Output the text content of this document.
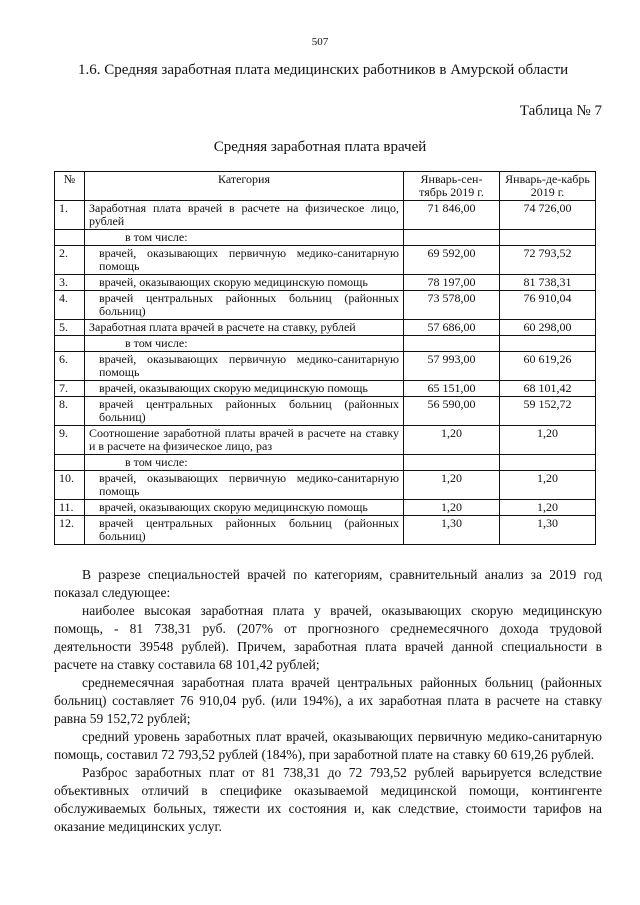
507
1.6. Средняя заработная плата медицинских работников в Амурской области
Таблица № 7
Средняя заработная плата врачей
№	Категория	Январь-сен-тябрь 2019 г.	Январь-де-кабрь 2019 г.
1.	Заработная плата врачей в расчете на физическое лицо, рублей	71 846,00	74 726,00
	в том числе:		
2.	врачей, оказывающих первичную медико-санитарную помощь	69 592,00	72 793,52
3.	врачей, оказывающих скорую медицинскую помощь	78 197,00	81 738,31
4.	врачей центральных районных больниц (районных больниц)	73 578,00	76 910,04
5.	Заработная плата врачей в расчете на ставку, рублей	57 686,00	60 298,00
	в том числе:		
6.	врачей, оказывающих первичную медико-санитарную помощь	57 993,00	60 619,26
7.	врачей, оказывающих скорую медицинскую помощь	65 151,00	68 101,42
8.	врачей центральных районных больниц (районных больниц)	56 590,00	59 152,72
9.	Соотношение заработной платы врачей в расчете на ставку и в расчете на физическое лицо, раз	1,20	1,20
	в том числе:		
10.	врачей, оказывающих первичную медико-санитарную помощь	1,20	1,20
11.	врачей, оказывающих скорую медицинскую помощь	1,20	1,20
12.	врачей центральных районных больниц (районных больниц)	1,30	1,30

В разрезе специальностей врачей по категориям, сравнительный анализ за 2019 год показал следующее:

наиболее высокая заработная плата у врачей, оказывающих скорую медицинскую помощь, - 81 738,31 руб. (207% от прогнозного среднемесячного дохода трудовой деятельности 39548 рублей). Причем, заработная плата врачей данной специальности в расчете на ставку составила 68 101,42 рублей;

среднемесячная заработная плата врачей центральных районных больниц (районных больниц) составляет 76 910,04 руб. (или 194%), а их заработная плата в расчете на ставку равна 59 152,72 рублей;

средний уровень заработных плат врачей, оказывающих первичную медико-санитарную помощь, составил 72 793,52 рублей (184%), при заработной плате на ставку 60 619,26 рублей.

Разброс заработных плат от 81 738,31 до 72 793,52 рублей варьируется вследствие объективных отличий в специфике оказываемой медицинской помощи, контингенте обслуживаемых больных, тяжести их состояния и, как следствие, стоимости тарифов на оказание медицинских услуг.
